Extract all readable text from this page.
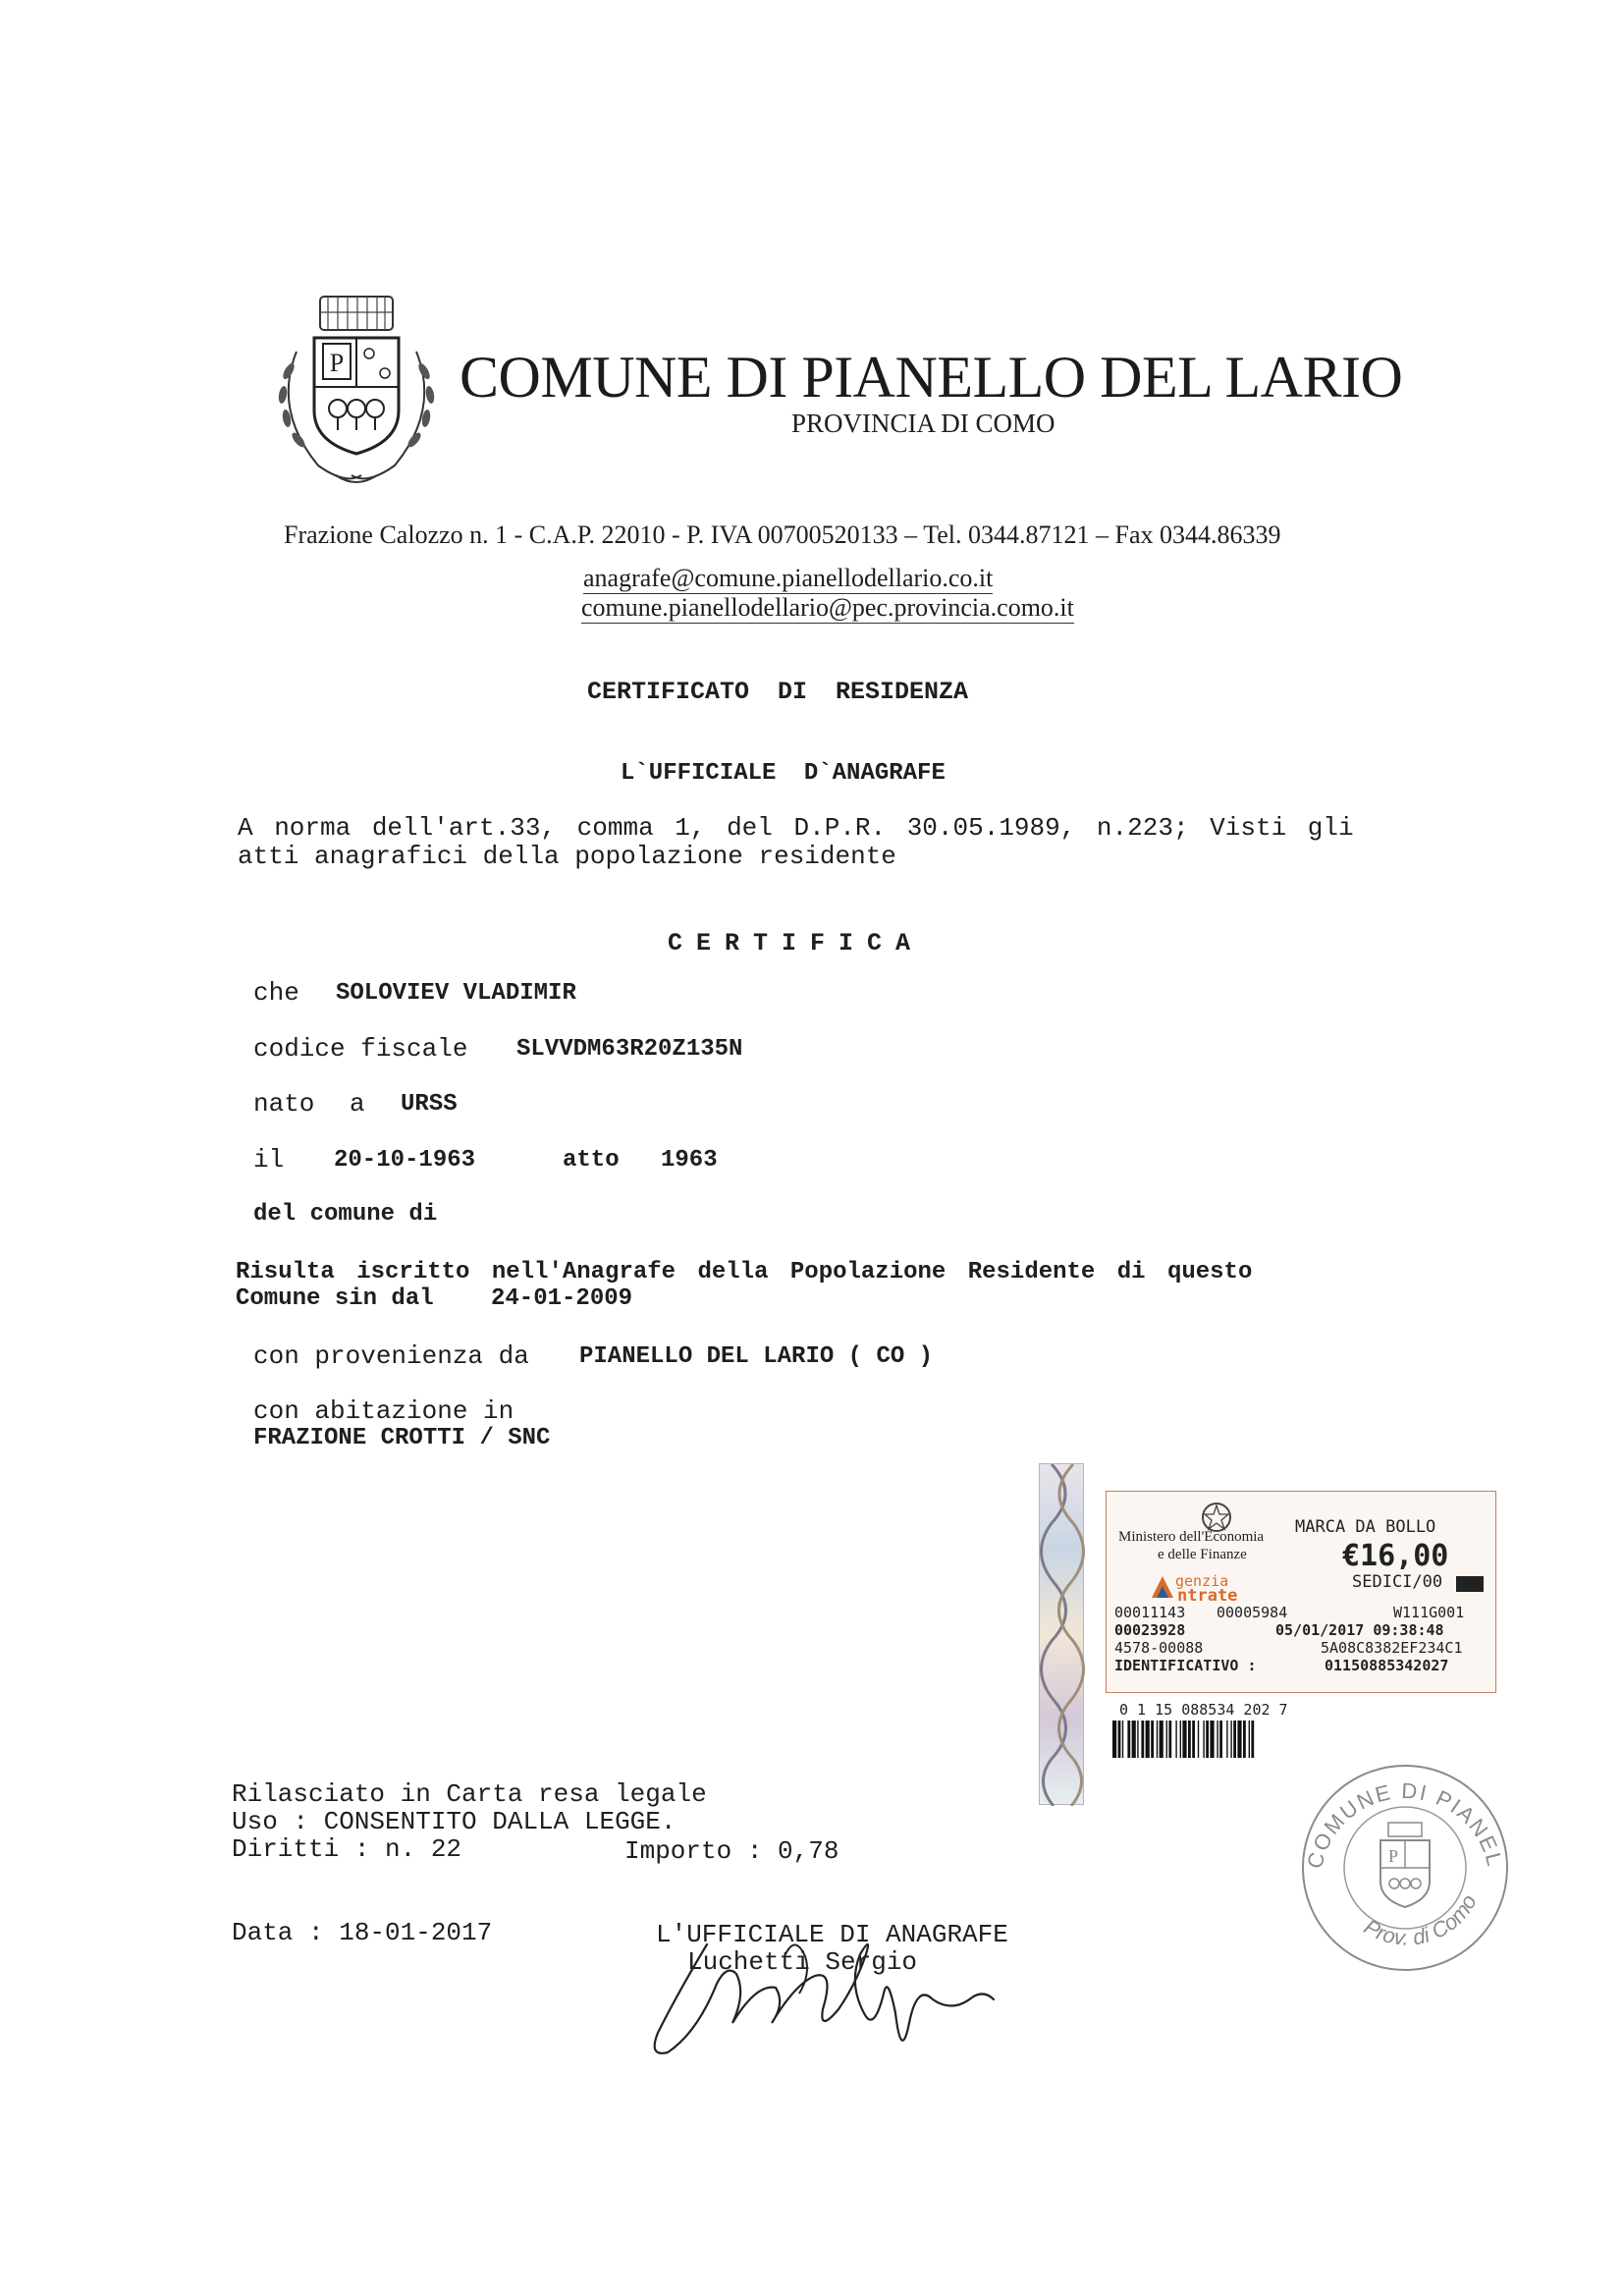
P COMUNE DI PIANELLO DEL LARIO
PROVINCIA DI COMO
Frazione Calozzo n. 1 - C.A.P. 22010 - P. IVA 00700520133 – Tel. 0344.87121 – Fax 0344.86339
anagrafe@comune.pianellodellario.co.it
comune.pianellodellario@pec.provincia.como.it
CERTIFICATO DI RESIDENZA
L`UFFICIALE D`ANAGRAFE
A norma dell'art.33, comma 1, del D.P.R. 30.05.1989, n.223; Visti gli
atti anagrafici della popolazione residente
CERTIFICA
che SOLOVIEV VLADIMIR
codice fiscale SLVVDM63R20Z135N
nato a URSS
il 20-10-1963	atto 1963
del comune di
Risulta iscritto nell'Anagrafe della Popolazione Residente di questo
Comune sin dal 24-01-2009
con provenienza da PIANELLO DEL LARIO ( CO )
con abitazione in
FRAZIONE CROTTI / SNC
Ministero dell'Economia
e delle Finanze
MARCA DA BOLLO
€16,00
SEDICI/00
genzia
ntrate
00011143 00005984	W111G001
00023928	05/01/2017 09:38:48
4578-00088	5A08C8382EF234C1
IDENTIFICATIVO :	01150885342027
0 1 15 088534 202 7
COMUNE DI PIANEL
Prov. di Como
P
Rilasciato in Carta resa legale
Uso : CONSENTITO DALLA LEGGE.
Diritti : n. 22	Importo : 0,78
Data : 18-01-2017	L'UFFICIALE DI ANAGRAFE
Luchetti Sergio
